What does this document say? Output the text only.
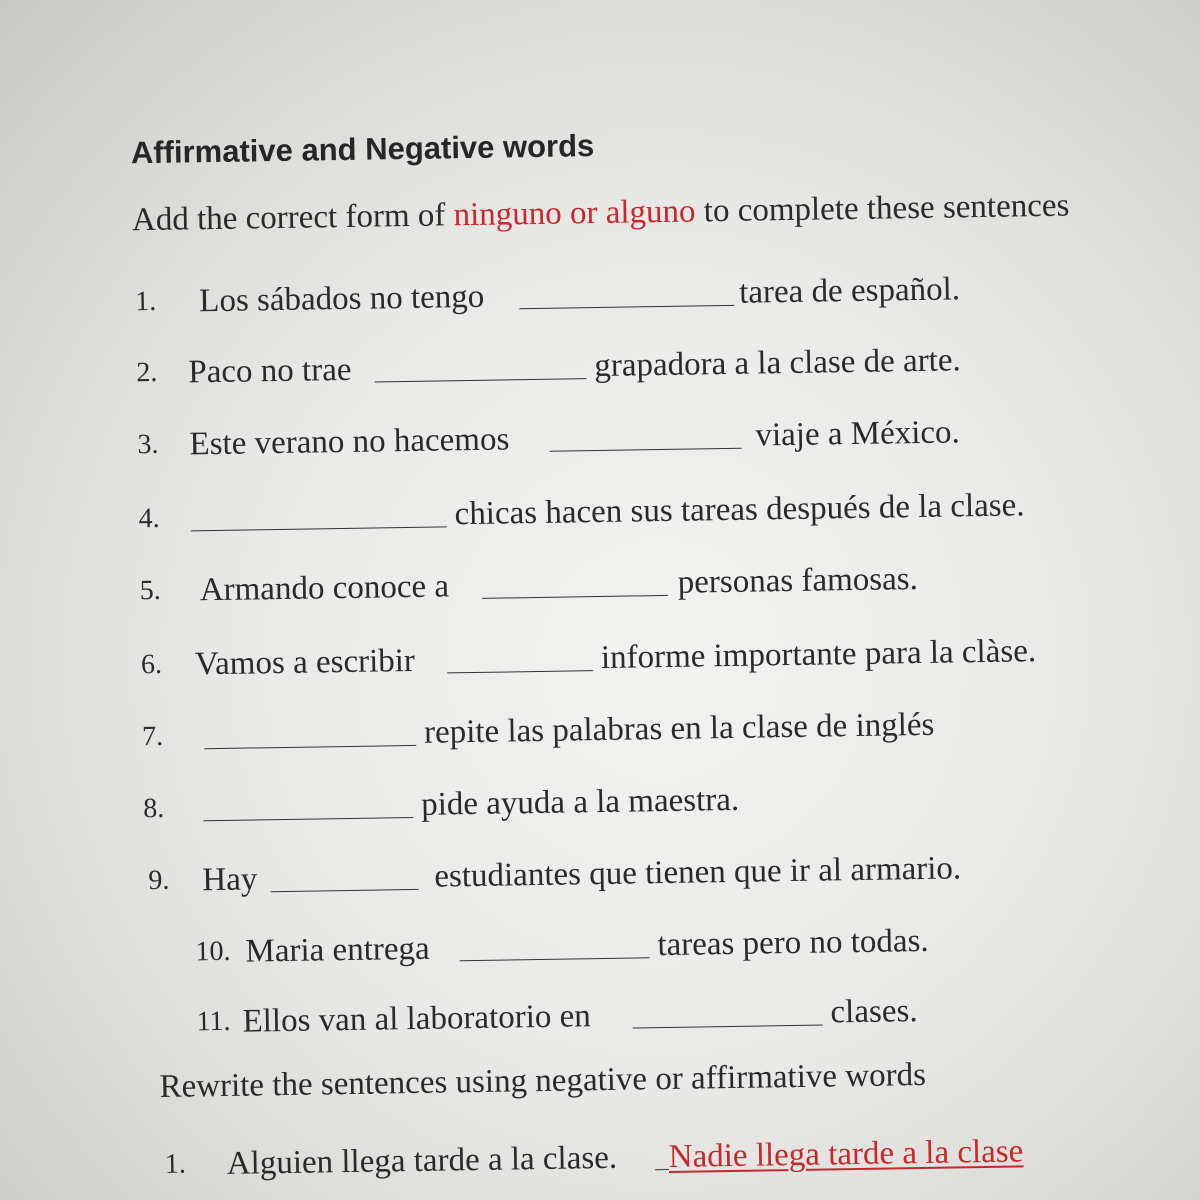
Affirmative and Negative words

Add the correct form of ninguno or alguno to complete these sentences

1. Los sábados no tengo	tarea de español.
2. Paco no trae	grapadora a la clase de arte.
3. Este verano no hacemos	viaje a México.
4.	chicas hacen sus tareas después de la clase.
5. Armando conoce a	personas famosas.
6. Vamos a escribir	informe importante para la clàse.
7.	repite las palabras en la clase de inglés
8.	pide ayuda a la maestra.
9. Hay	estudiantes que tienen que ir al armario.
10. Maria entrega	tareas pero no todas.
11. Ellos van al laboratorio en	clases.

Rewrite the sentences using negative or affirmative words

1. Alguien llega tarde a la clase. Nadie llega tarde a la clase
